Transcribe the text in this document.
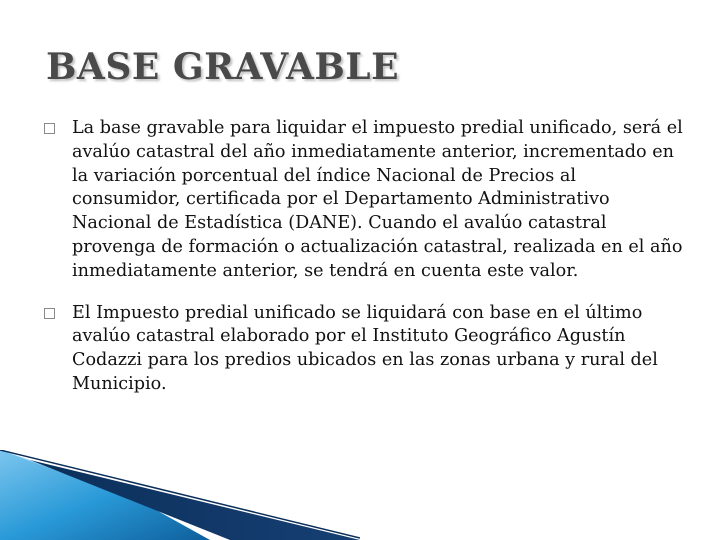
BASE GRAVABLE

La base gravable para liquidar el impuesto predial unificado, será el avalúo catastral del año inmediatamente anterior, incrementado en la variación porcentual del índice Nacional de Precios al consumidor, certificada por el Departamento Administrativo Nacional de Estadística (DANE). Cuando el avalúo catastral provenga de formación o actualización catastral, realizada en el año inmediatamente anterior, se tendrá en cuenta este valor.

El Impuesto predial unificado se liquidará con base en el último avalúo catastral elaborado por el Instituto Geográfico Agustín Codazzi para los predios ubicados en las zonas urbana y rural del Municipio.
